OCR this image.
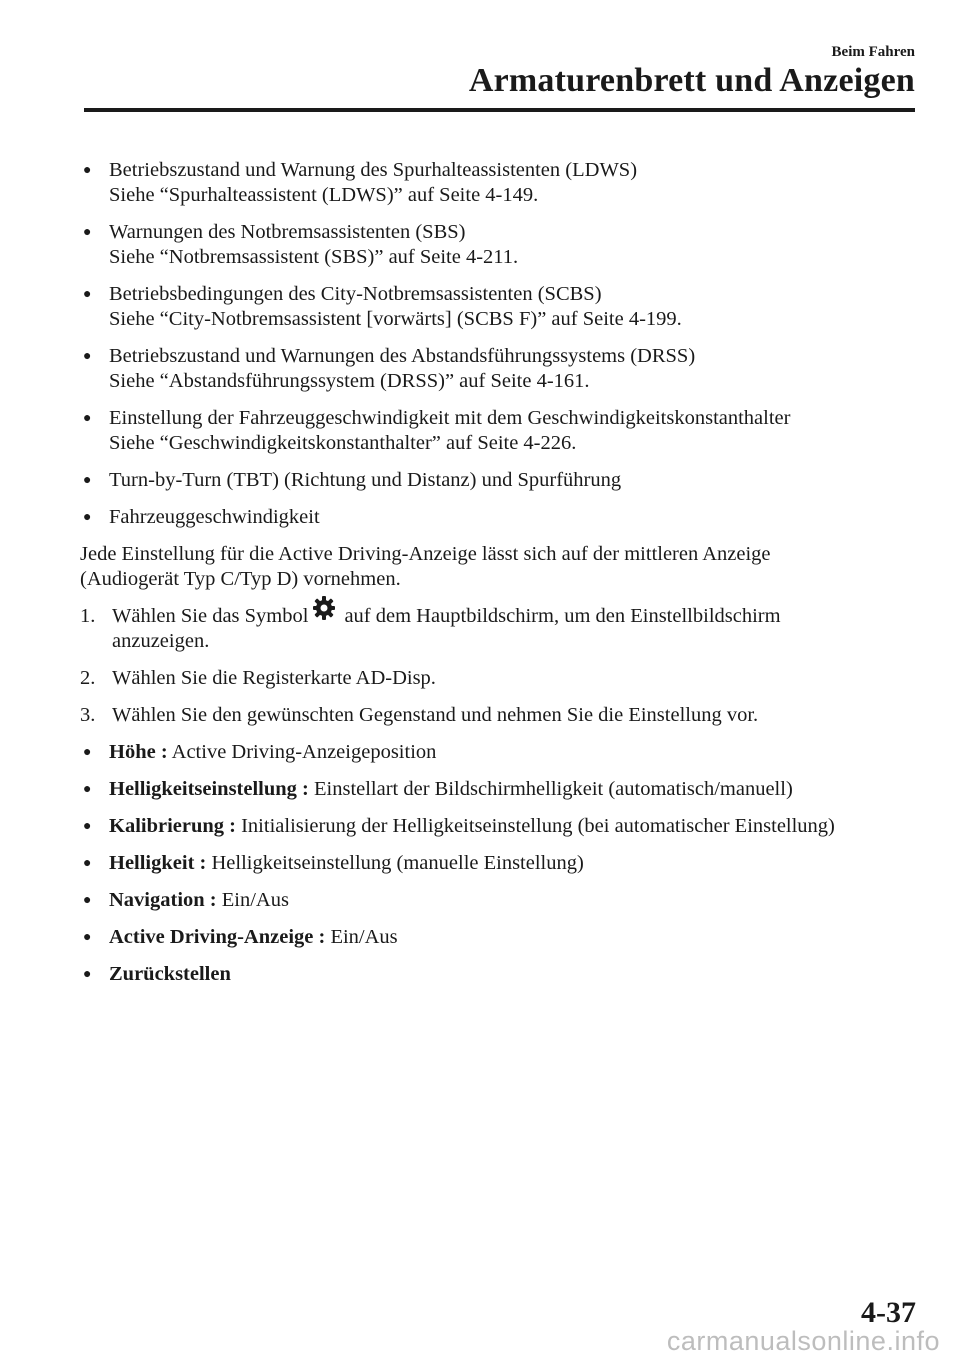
Beim Fahren
Armaturenbrett und Anzeigen
● Betriebszustand und Warnung des Spurhalteassistenten (LDWS)
Siehe “Spurhalteassistent (LDWS)” auf Seite 4-149.
● Warnungen des Notbremsassistenten (SBS)
Siehe “Notbremsassistent (SBS)” auf Seite 4-211.
● Betriebsbedingungen des City-Notbremsassistenten (SCBS)
Siehe “City-Notbremsassistent [vorwärts] (SCBS F)” auf Seite 4-199.
● Betriebszustand und Warnungen des Abstandsführungssystems (DRSS)
Siehe “Abstandsführungssystem (DRSS)” auf Seite 4-161.
● Einstellung der Fahrzeuggeschwindigkeit mit dem Geschwindigkeitskonstanthalter
Siehe “Geschwindigkeitskonstanthalter” auf Seite 4-226.
● Turn-by-Turn (TBT) (Richtung und Distanz) und Spurführung
● Fahrzeuggeschwindigkeit
Jede Einstellung für die Active Driving-Anzeige lässt sich auf der mittleren Anzeige
(Audiogerät Typ C/Typ D) vornehmen.
1. Wählen Sie das Symbol auf dem Hauptbildschirm, um den Einstellbildschirm
anzuzeigen.
2. Wählen Sie die Registerkarte AD-Disp.
3. Wählen Sie den gewünschten Gegenstand und nehmen Sie die Einstellung vor.
● Höhe : Active Driving-Anzeigeposition
● Helligkeitseinstellung : Einstellart der Bildschirmhelligkeit (automatisch/manuell)
● Kalibrierung : Initialisierung der Helligkeitseinstellung (bei automatischer Einstellung)
● Helligkeit : Helligkeitseinstellung (manuelle Einstellung)
● Navigation : Ein/Aus
● Active Driving-Anzeige : Ein/Aus
● Zurückstellen
4-37
carmanualsonline.info
